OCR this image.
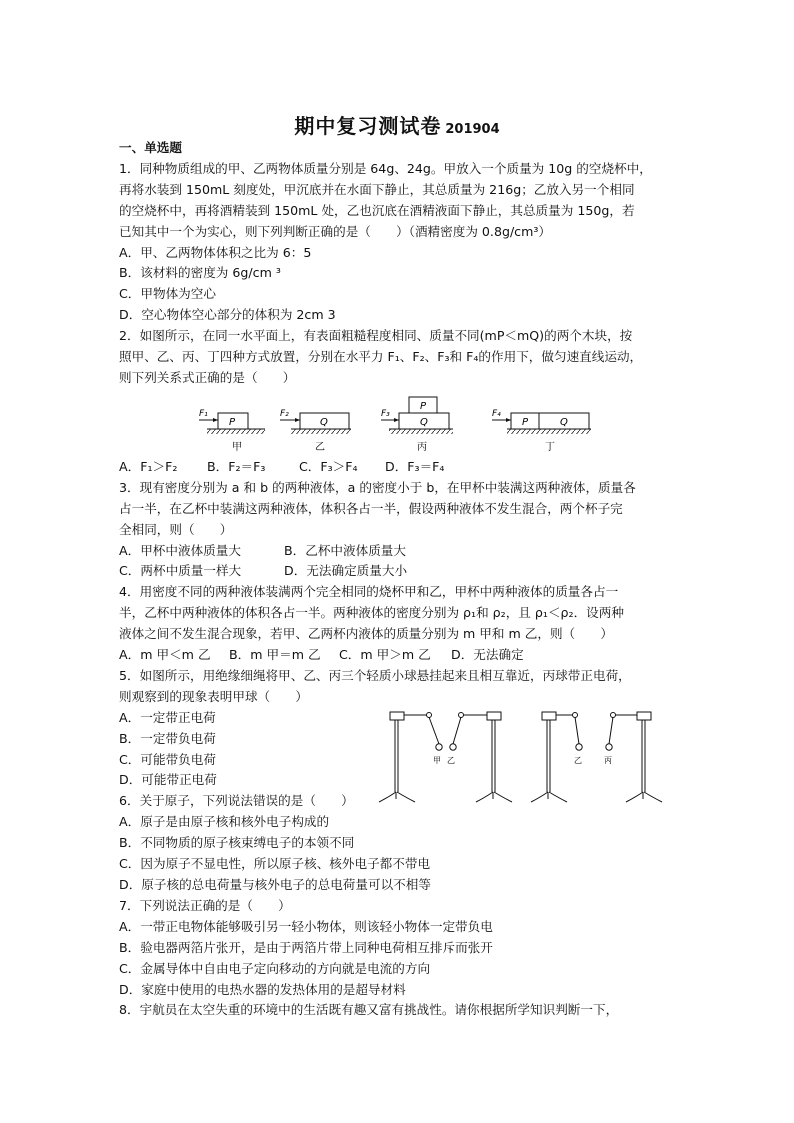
期中复习测试卷 201904
一、单选题
1．同种物质组成的甲、乙两物体质量分别是 64g、24g。甲放入一个质量为 10g 的空烧杯中，
再将水装到 150mL 刻度处，甲沉底并在水面下静止，其总质量为 216g；乙放入另一个相同
的空烧杯中，再将酒精装到 150mL 处，乙也沉底在酒精液面下静止，其总质量为 150g，若
已知其中一个为实心，则下列判断正确的是（　　）（酒精密度为 0.8g/cm³）
A．甲、乙两物体体积之比为 6：5
B．该材料的密度为 6g/cm ³
C．甲物体为空心
D．空心物体空心部分的体积为 2cm 3
2．如图所示，在同一水平面上，有表面粗糙程度相同、质量不同(mP＜mQ)的两个木块，按
照甲、乙、丙、丁四种方式放置，分别在水平力 F₁、F₂、F₃和 F₄的作用下，做匀速直线运动，
则下列关系式正确的是（　　）
F₁
P
甲
F₂
Q
乙
F₃
P
Q
丙
F₄
P	Q
丁
A．F₁＞F₂ B．F₂＝F₃	C．F₃＞F₄ D．F₃＝F₄
3．现有密度分别为 a 和 b 的两种液体，a 的密度小于 b，在甲杯中装满这两种液体，质量各
占一半，在乙杯中装满这两种液体，体积各占一半，假设两种液体不发生混合，两个杯子完
全相同，则（　　）
A．甲杯中液体质量大	B．乙杯中液体质量大
C．两杯中质量一样大	D．无法确定质量大小
4．用密度不同的两种液体装满两个完全相同的烧杯甲和乙，甲杯中两种液体的质量各占一
半，乙杯中两种液体的体积各占一半。两种液体的密度分别为 ρ₁和 ρ₂，且 ρ₁＜ρ₂．设两种
液体之间不发生混合现象，若甲、乙两杯内液体的质量分别为 m 甲和 m 乙，则（　　）
A．m 甲＜m 乙 B．m 甲＝m 乙 C．m 甲＞m 乙 D．无法确定
5．如图所示，用绝缘细绳将甲、乙、丙三个轻质小球悬挂起来且相互靠近，丙球带正电荷，
则观察到的现象表明甲球（　　）
A．一定带正电荷
B．一定带负电荷
C．可能带负电荷
D．可能带正电荷
甲 乙	乙	丙
6．关于原子，下列说法错误的是（　　）
A．原子是由原子核和核外电子构成的
B．不同物质的原子核束缚电子的本领不同
C．因为原子不显电性，所以原子核、核外电子都不带电
D．原子核的总电荷量与核外电子的总电荷量可以不相等
7．下列说法正确的是（　　）
A．一带正电物体能够吸引另一轻小物体，则该轻小物体一定带负电
B．验电器两箔片张开，是由于两箔片带上同种电荷相互排斥而张开
C．金属导体中自由电子定向移动的方向就是电流的方向
D．家庭中使用的电热水器的发热体用的是超导材料
8．宇航员在太空失重的环境中的生活既有趣又富有挑战性。请你根据所学知识判断一下，
